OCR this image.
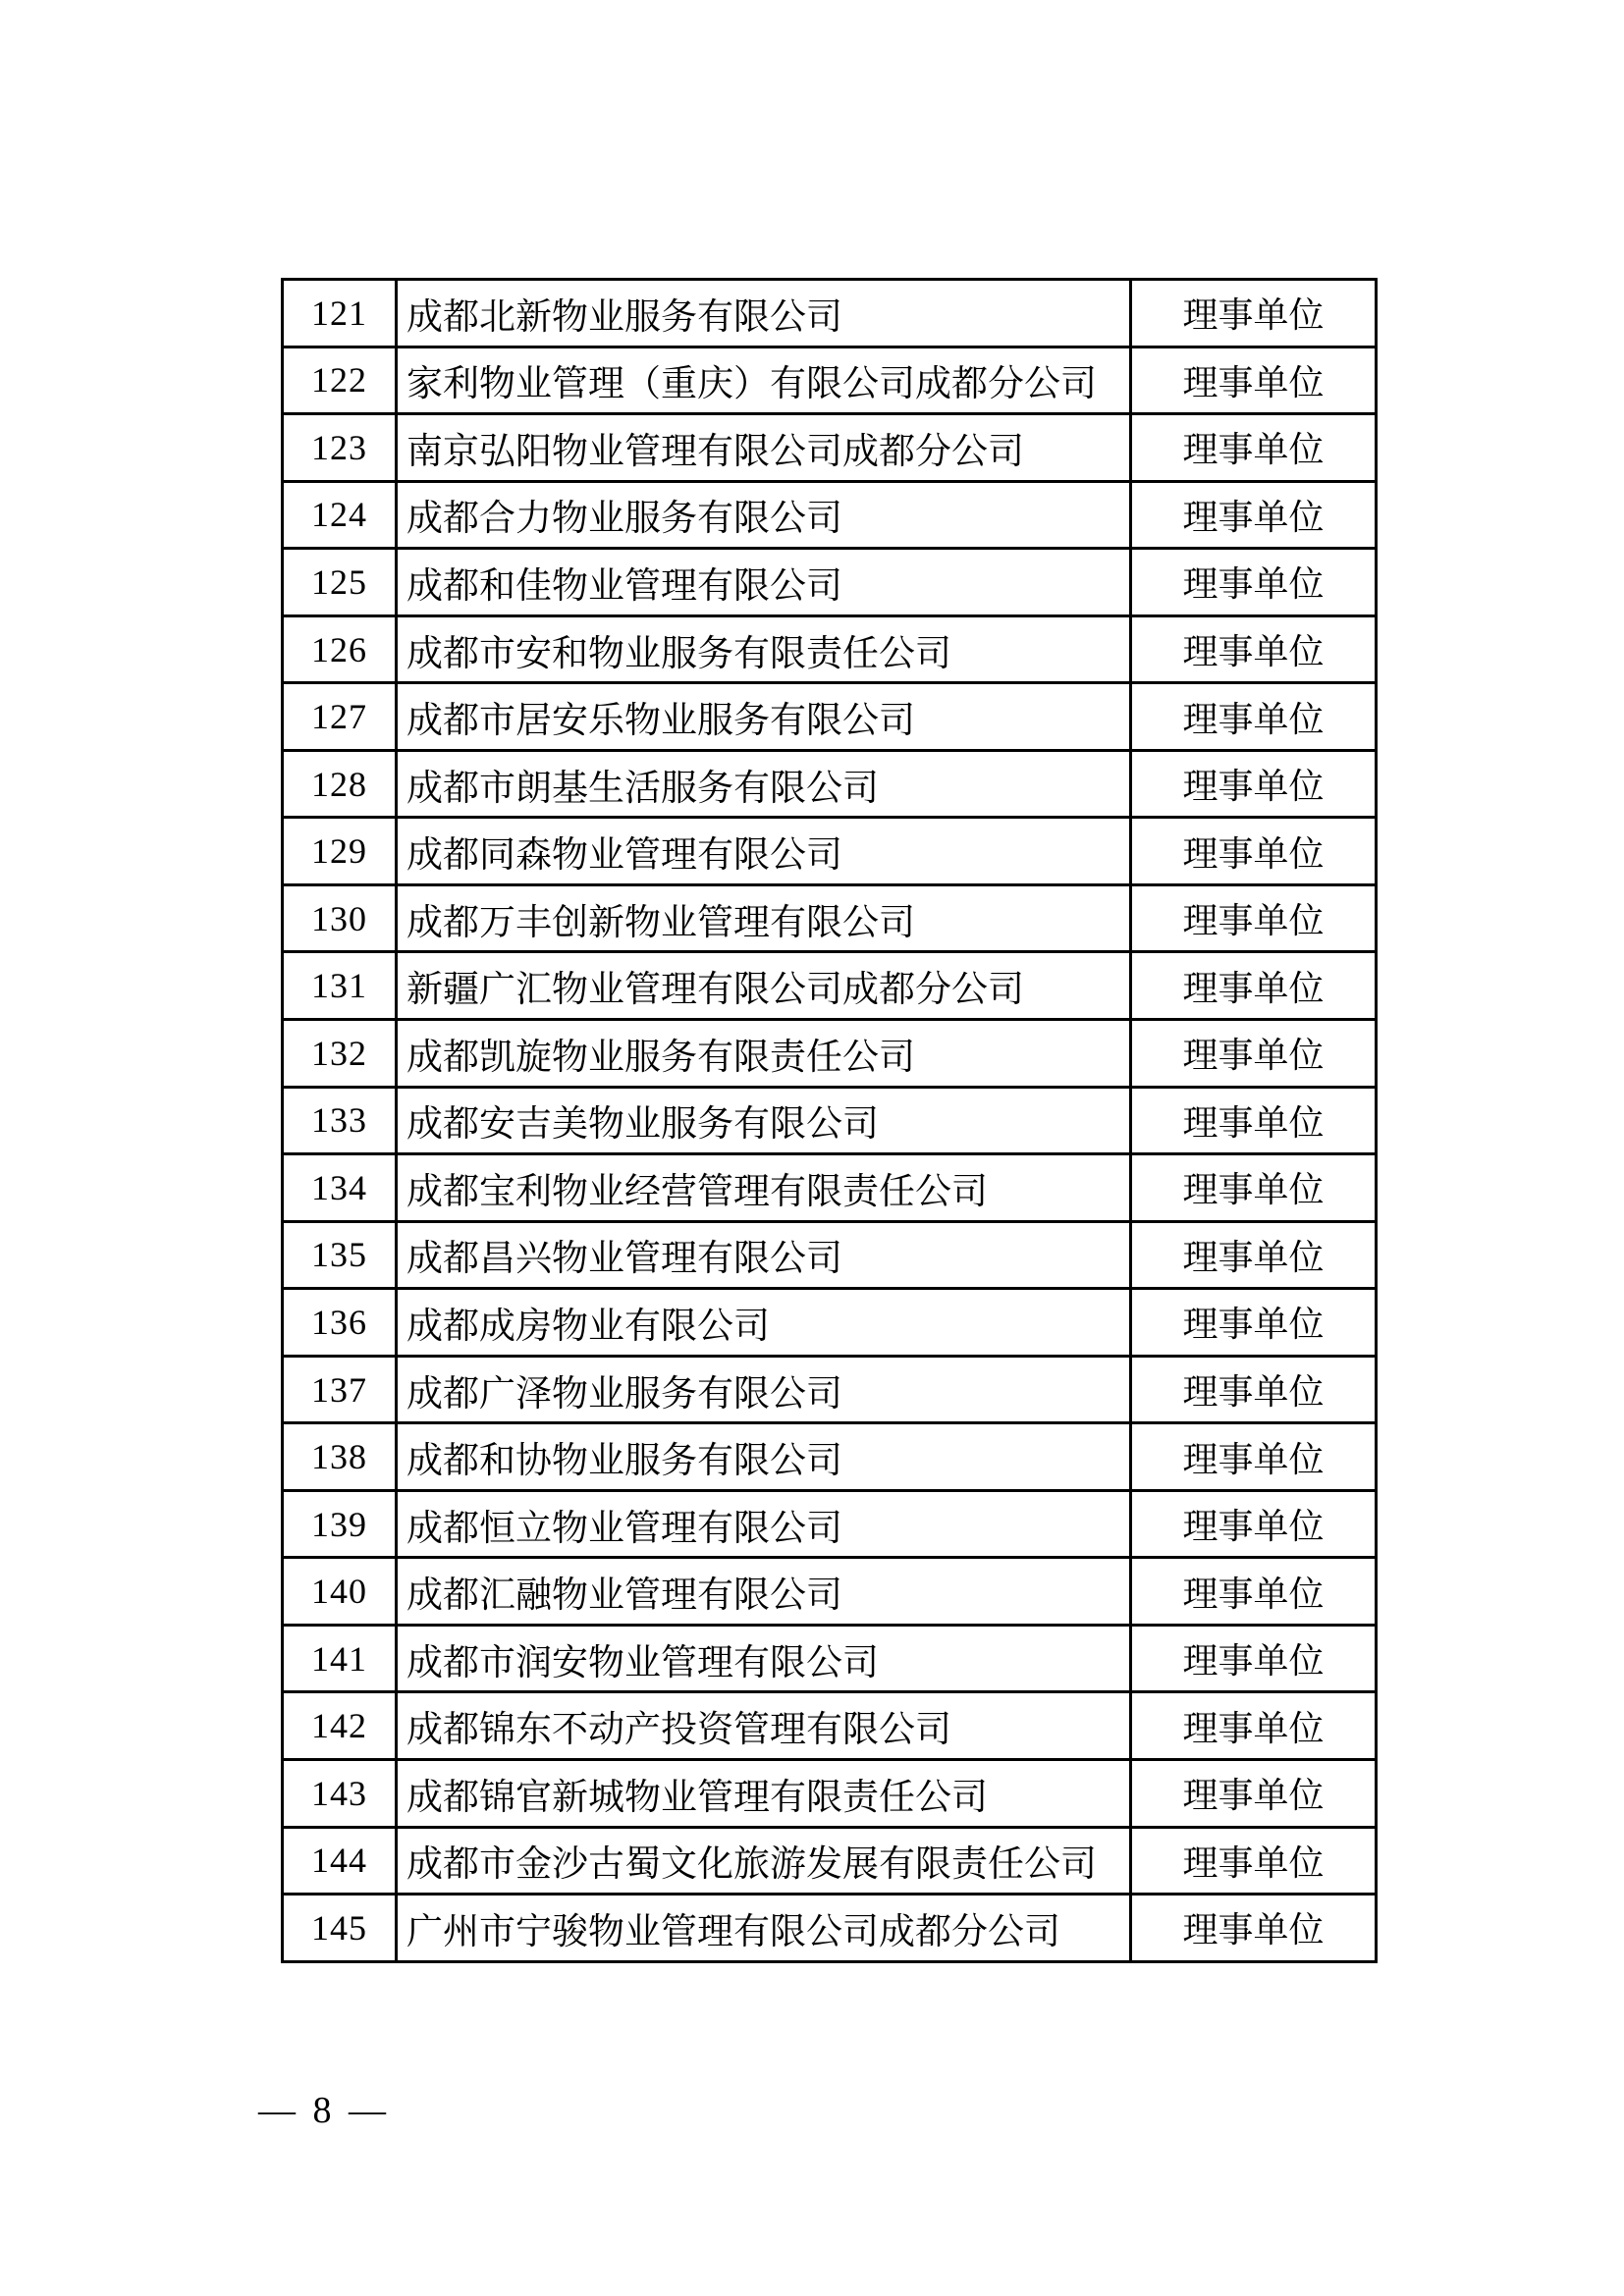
121	成都北新物业服务有限公司	理事单位
122	家利物业管理（重庆）有限公司成都分公司	理事单位
123	南京弘阳物业管理有限公司成都分公司	理事单位
124	成都合力物业服务有限公司	理事单位
125	成都和佳物业管理有限公司	理事单位
126	成都市安和物业服务有限责任公司	理事单位
127	成都市居安乐物业服务有限公司	理事单位
128	成都市朗基生活服务有限公司	理事单位
129	成都同森物业管理有限公司	理事单位
130	成都万丰创新物业管理有限公司	理事单位
131	新疆广汇物业管理有限公司成都分公司	理事单位
132	成都凯旋物业服务有限责任公司	理事单位
133	成都安吉美物业服务有限公司	理事单位
134	成都宝利物业经营管理有限责任公司	理事单位
135	成都昌兴物业管理有限公司	理事单位
136	成都成房物业有限公司	理事单位
137	成都广泽物业服务有限公司	理事单位
138	成都和协物业服务有限公司	理事单位
139	成都恒立物业管理有限公司	理事单位
140	成都汇融物业管理有限公司	理事单位
141	成都市润安物业管理有限公司	理事单位
142	成都锦东不动产投资管理有限公司	理事单位
143	成都锦官新城物业管理有限责任公司	理事单位
144	成都市金沙古蜀文化旅游发展有限责任公司	理事单位
145	广州市宁骏物业管理有限公司成都分公司	理事单位
— 8 —
